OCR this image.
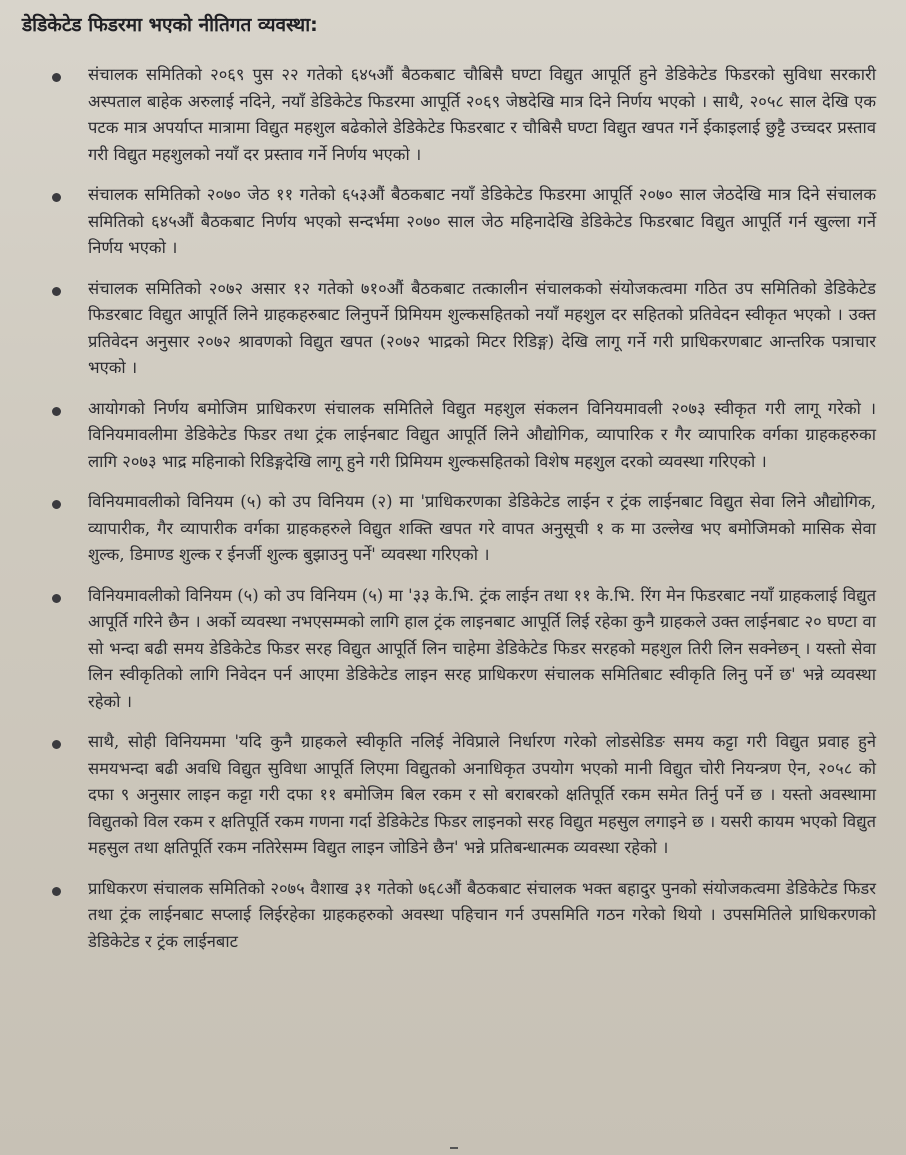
डेडिकेटेड फिडरमा भएको नीतिगत व्यवस्था:

संचालक समितिको २०६९ पुस २२ गतेको ६४५औं बैठकबाट चौबिसै घण्टा विद्युत आपूर्ति हुने डेडिकेटेड फिडरको सुविधा सरकारी अस्पताल बाहेक अरुलाई नदिने, नयाँ डेडिकेटेड फिडरमा आपूर्ति २०६९ जेष्ठदेखि मात्र दिने निर्णय भएको । साथै, २०५८ साल देखि एक पटक मात्र अपर्याप्त मात्रामा विद्युत महशुल बढेकोले डेडिकेटेड फिडरबाट र चौबिसै घण्टा विद्युत खपत गर्ने ईकाइलाई छुट्टै उच्चदर प्रस्ताव गरी विद्युत महशुलको नयाँ दर प्रस्ताव गर्ने निर्णय भएको ।

संचालक समितिको २०७० जेठ ११ गतेको ६५३औं बैठकबाट नयाँ डेडिकेटेड फिडरमा आपूर्ति २०७० साल जेठदेखि मात्र दिने संचालक समितिको ६४५औं बैठकबाट निर्णय भएको सन्दर्भमा २०७० साल जेठ महिनादेखि डेडिकेटेड फिडरबाट विद्युत आपूर्ति गर्न खुल्ला गर्ने निर्णय भएको ।

संचालक समितिको २०७२ असार १२ गतेको ७१०औं बैठकबाट तत्कालीन संचालकको संयोजकत्वमा गठित उप समितिको डेडिकेटेड फिडरबाट विद्युत आपूर्ति लिने ग्राहकहरुबाट लिनुपर्ने प्रिमियम शुल्कसहितको नयाँ महशुल दर सहितको प्रतिवेदन स्वीकृत भएको । उक्त प्रतिवेदन अनुसार २०७२ श्रावणको विद्युत खपत (२०७२ भाद्रको मिटर रिडिङ्ग) देखि लागू गर्ने गरी प्राधिकरणबाट आन्तरिक पत्राचार भएको ।

आयोगको निर्णय बमोजिम प्राधिकरण संचालक समितिले विद्युत महशुल संकलन विनियमावली २०७३ स्वीकृत गरी लागू गरेको । विनियमावलीमा डेडिकेटेड फिडर तथा ट्रंक लाईनबाट विद्युत आपूर्ति लिने औद्योगिक, व्यापारिक र गैर व्यापारिक वर्गका ग्राहकहरुका लागि २०७३ भाद्र महिनाको रिडिङ्गदेखि लागू हुने गरी प्रिमियम शुल्कसहितको विशेष महशुल दरको व्यवस्था गरिएको ।

विनियमावलीको विनियम (५) को उप विनियम (२) मा 'प्राधिकरणका डेडिकेटेड लाईन र ट्रंक लाईनबाट विद्युत सेवा लिने औद्योगिक, व्यापारीक, गैर व्यापारीक वर्गका ग्राहकहरुले विद्युत शक्ति खपत गरे वापत अनुसूची १ क मा उल्लेख भए बमोजिमको मासिक सेवा शुल्क, डिमाण्ड शुल्क र ईनर्जी शुल्क बुझाउनु पर्ने' व्यवस्था गरिएको ।

विनियमावलीको विनियम (५) को उप विनियम (५) मा '३३ के.भि. ट्रंक लाईन तथा ११ के.भि. रिंग मेन फिडरबाट नयाँ ग्राहकलाई विद्युत आपूर्ति गरिने छैन । अर्को व्यवस्था नभएसम्मको लागि हाल ट्रंक लाइनबाट आपूर्ति लिई रहेका कुनै ग्राहकले उक्त लाईनबाट २० घण्टा वा सो भन्दा बढी समय डेडिकेटेड फिडर सरह विद्युत आपूर्ति लिन चाहेमा डेडिकेटेड फिडर सरहको महशुल तिरी लिन सक्नेछन् । यस्तो सेवा लिन स्वीकृतिको लागि निवेदन पर्न आएमा डेडिकेटेड लाइन सरह प्राधिकरण संचालक समितिबाट स्वीकृति लिनु पर्ने छ' भन्ने व्यवस्था रहेको ।

साथै, सोही विनियममा 'यदि कुनै ग्राहकले स्वीकृति नलिई नेविप्राले निर्धारण गरेको लोडसेडिङ समय कट्टा गरी विद्युत प्रवाह हुने समयभन्दा बढी अवधि विद्युत सुविधा आपूर्ति लिएमा विद्युतको अनाधिकृत उपयोग भएको मानी विद्युत चोरी नियन्त्रण ऐन, २०५८ को दफा ९ अनुसार लाइन कट्टा गरी दफा ११ बमोजिम बिल रकम र सो बराबरको क्षतिपूर्ति रकम समेत तिर्नु पर्ने छ । यस्तो अवस्थामा विद्युतको विल रकम र क्षतिपूर्ति रकम गणना गर्दा डेडिकेटेड फिडर लाइनको सरह विद्युत महसुल लगाइने छ । यसरी कायम भएको विद्युत महसुल तथा क्षतिपूर्ति रकम नतिरेसम्म विद्युत लाइन जोडिने छैन' भन्ने प्रतिबन्धात्मक व्यवस्था रहेको ।

प्राधिकरण संचालक समितिको २०७५ वैशाख ३१ गतेको ७६८औं बैठकबाट संचालक भक्त बहादुर पुनको संयोजकत्वमा डेडिकेटेड फिडर तथा ट्रंक लाईनबाट सप्लाई लिईरहेका ग्राहकहरुको अवस्था पहिचान गर्न उपसमिति गठन गरेको थियो । उपसमितिले प्राधिकरणको डेडिकेटेड र ट्रंक लाईनबाट
